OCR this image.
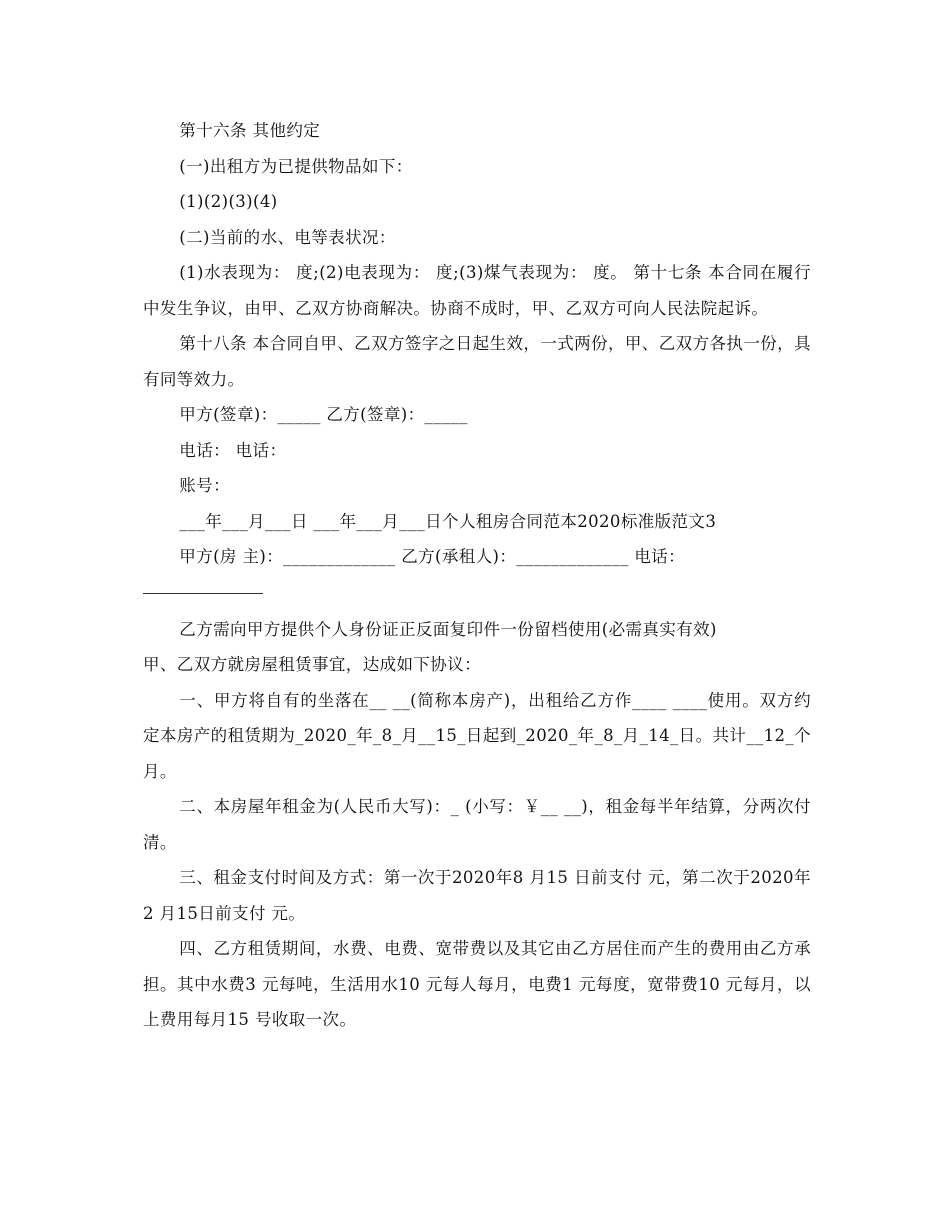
第十六条 其他约定

(一)出租方为已提供物品如下：

(1)(2)(3)(4)

(二)当前的水、电等表状况：

(1)水表现为： 度;(2)电表现为： 度;(3)煤气表现为： 度。 第十七条 本合同在履行中发生争议，由甲、乙双方协商解决。协商不成时，甲、乙双方可向人民法院起诉。

第十八条 本合同自甲、乙双方签字之日起生效，一式两份，甲、乙双方各执一份，具有同等效力。

甲方(签章)：_____ 乙方(签章)：_____

电话： 电话：

账号：

___年___月___日 ___年___月___日个人租房合同范本2020标准版范文3

甲方(房 主)：_____________ 乙方(承租人)：_____________ 电话：

乙方需向甲方提供个人身份证正反面复印件一份留档使用(必需真实有效)

甲、乙双方就房屋租赁事宜，达成如下协议：

一、甲方将自有的坐落在__ __(简称本房产)，出租给乙方作____ ____使用。双方约定本房产的租赁期为_2020_年_8_月__15_日起到_2020_年_8_月_14_日。共计__12_个月。

二、本房屋年租金为(人民币大写)：_ (小写：￥__ __)，租金每半年结算，分两次付清。

三、租金支付时间及方式：第一次于2020年8 月15 日前支付 元，第二次于2020年2 月15日前支付 元。

四、乙方租赁期间，水费、电费、宽带费以及其它由乙方居住而产生的费用由乙方承担。其中水费3 元每吨，生活用水10 元每人每月，电费1 元每度，宽带费10 元每月，以上费用每月15 号收取一次。
